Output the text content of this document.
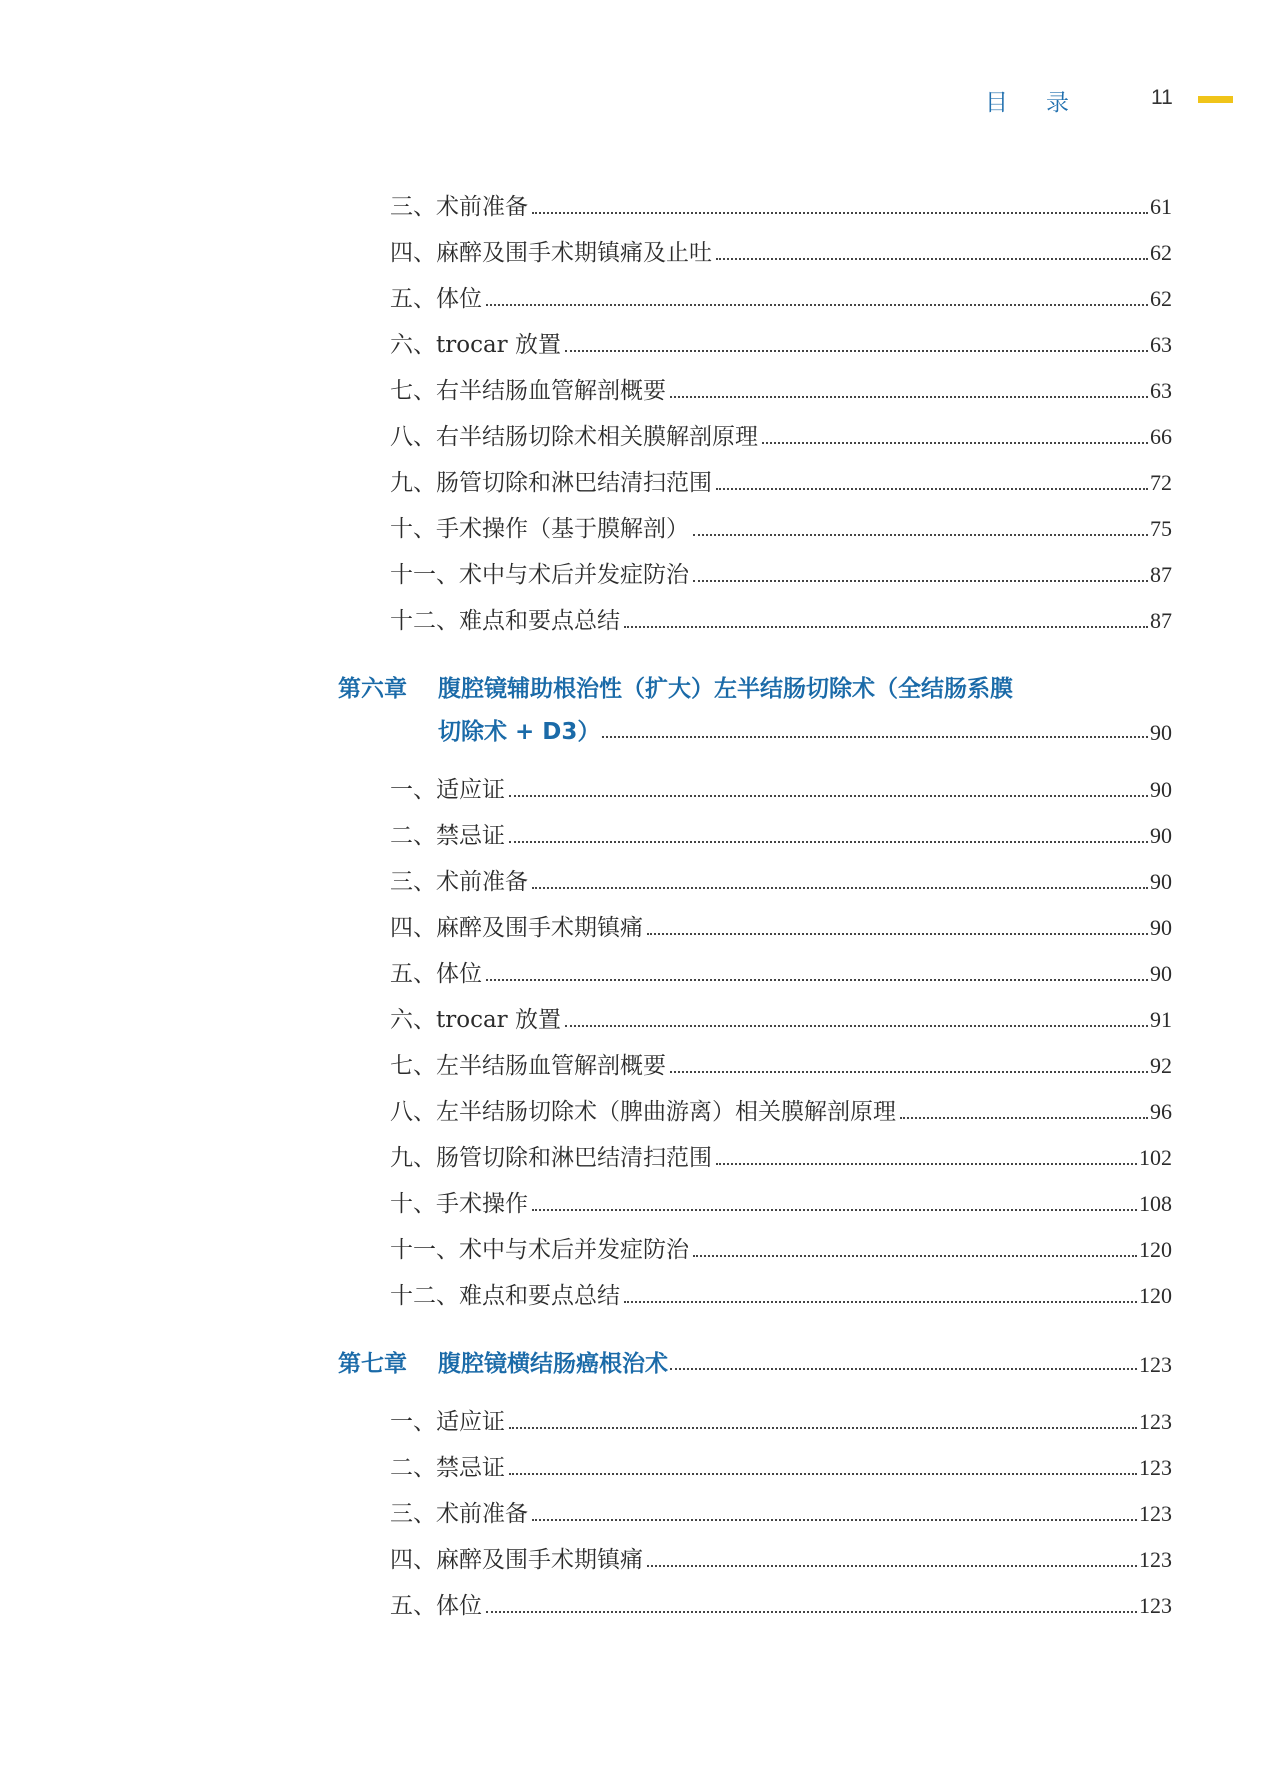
目录 11
三、术前准备	61
四、麻醉及围手术期镇痛及止吐	62
五、体位	62
六、trocar 放置	63
七、右半结肠血管解剖概要	63
八、右半结肠切除术相关膜解剖原理	66
九、肠管切除和淋巴结清扫范围	72
十、手术操作（基于膜解剖）	75
十一、术中与术后并发症防治	87
十二、难点和要点总结	87
第六章 腹腔镜辅助根治性（扩大）左半结肠切除术（全结肠系膜
切除术 + D3）	90
一、适应证	90
二、禁忌证	90
三、术前准备	90
四、麻醉及围手术期镇痛	90
五、体位	90
六、trocar 放置	91
七、左半结肠血管解剖概要	92
八、左半结肠切除术（脾曲游离）相关膜解剖原理	96
九、肠管切除和淋巴结清扫范围	102
十、手术操作	108
十一、术中与术后并发症防治	120
十二、难点和要点总结	120
第七章	腹腔镜横结肠癌根治术	123
一、适应证	123
二、禁忌证	123
三、术前准备	123
四、麻醉及围手术期镇痛	123
五、体位	123
